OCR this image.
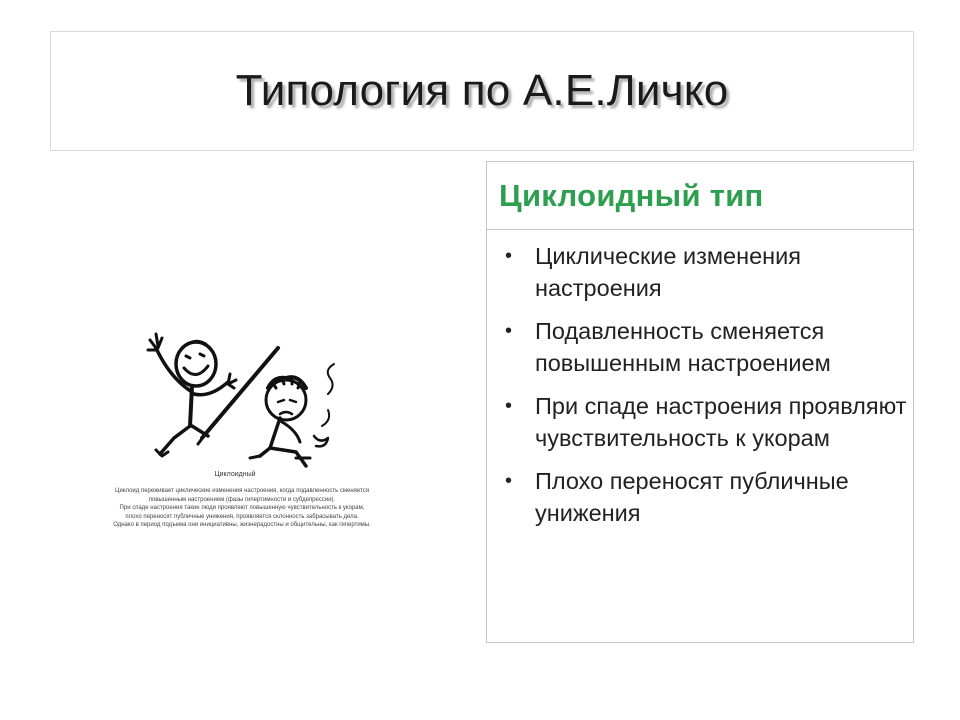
Типология по А.Е.Личко
Циклоидный тип
• Циклические изменения настроения
• Подавленность сменяется повышенным настроением
• При спаде настроения проявляют чувствительность к укорам
• Плохо переносят публичные унижения
Циклоидный
Циклоид переживает циклические изменения настроения, когда подавленность сменяется
повышенным настроением (фазы гипертимности и субдепрессии).
При спаде настроения такие люди проявляют повышенную чувствительность к укорам,
плохо переносят публичные унижения, проявляется склонность забрасывать дела.
Однако в период подъема они инициативны, жизнерадостны и общительны, как гипертимы.
